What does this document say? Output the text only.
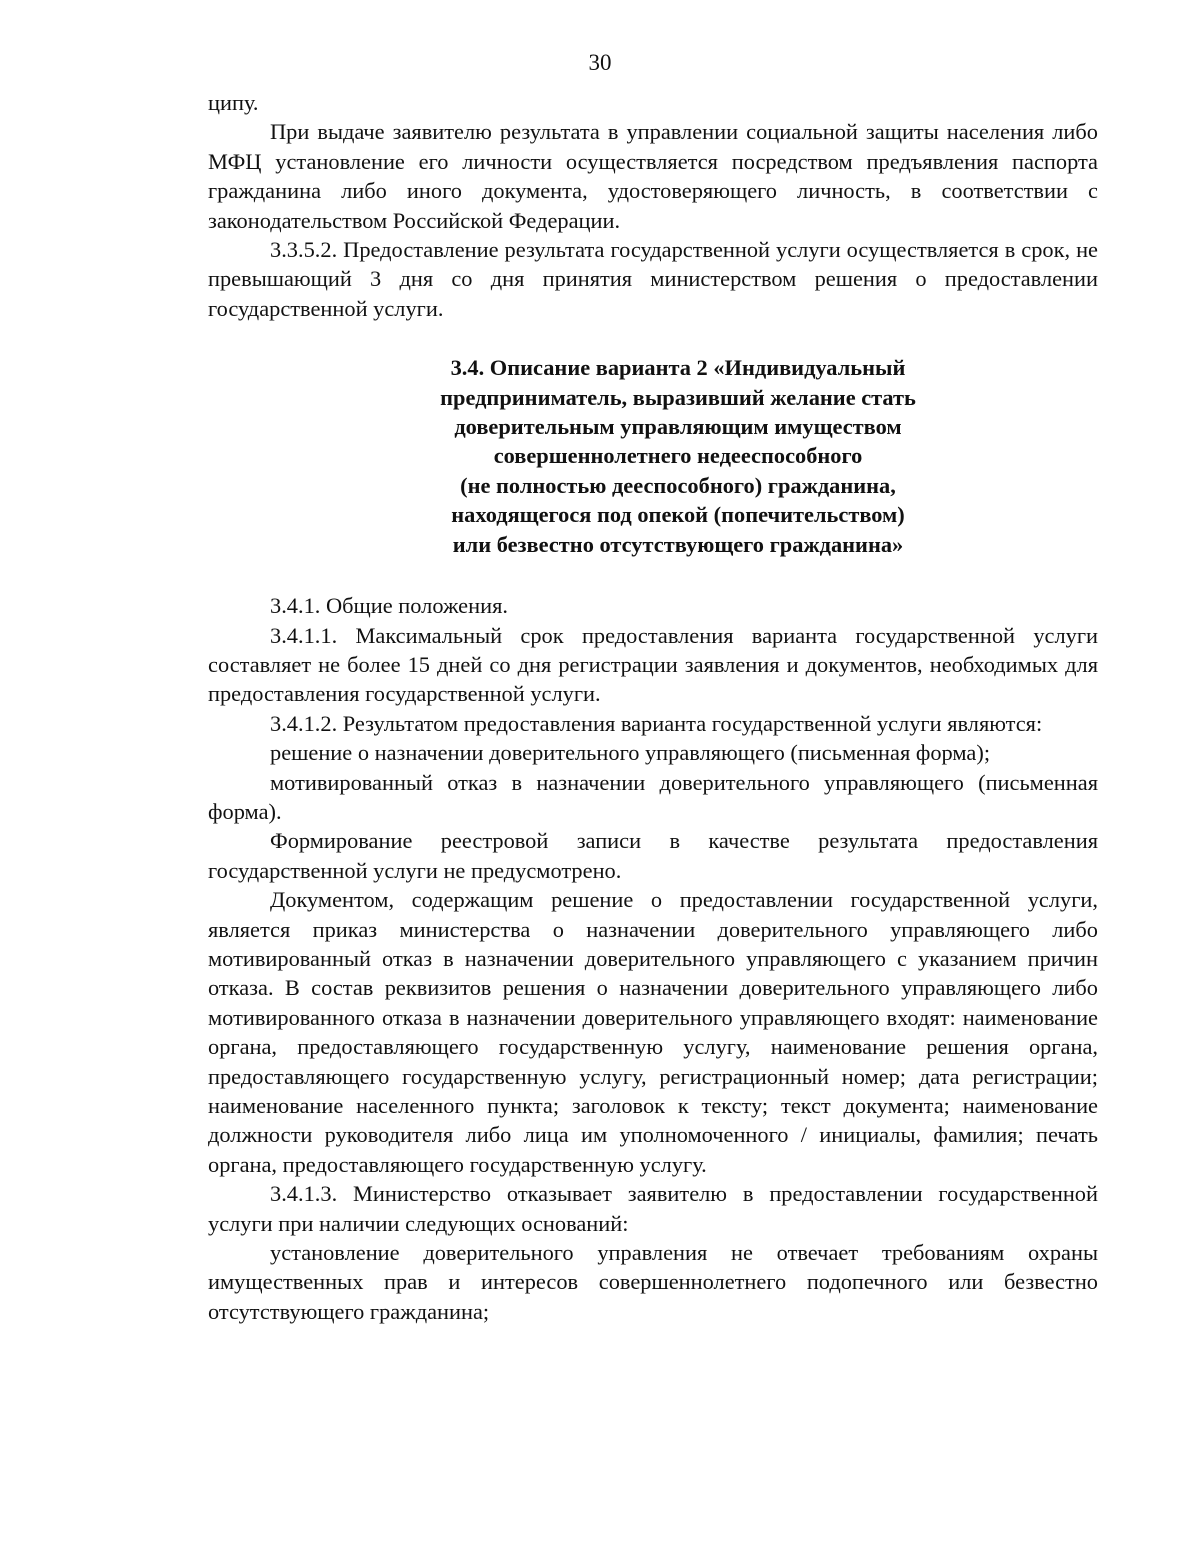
30

ципу.

При выдаче заявителю результата в управлении социальной защиты населения либо МФЦ установление его личности осуществляется посредством предъявления паспорта гражданина либо иного документа, удостоверяющего личность, в соответствии с законодательством Российской Федерации.

3.3.5.2. Предоставление результата государственной услуги осуществляется в срок, не превышающий 3 дня со дня принятия министерством решения о предоставлении государственной услуги.

3.4. Описание варианта 2 «Индивидуальный
предприниматель, выразивший желание стать
доверительным управляющим имуществом
совершеннолетнего недееспособного
(не полностью дееспособного) гражданина,
находящегося под опекой (попечительством)
или безвестно отсутствующего гражданина»

3.4.1. Общие положения.

3.4.1.1. Максимальный срок предоставления варианта государственной услуги составляет не более 15 дней со дня регистрации заявления и документов, необходимых для предоставления государственной услуги.

3.4.1.2. Результатом предоставления варианта государственной услуги являются:

решение о назначении доверительного управляющего (письменная форма);

мотивированный отказ в назначении доверительного управляющего (письменная форма).

Формирование реестровой записи в качестве результата предоставления государственной услуги не предусмотрено.

Документом, содержащим решение о предоставлении государственной услуги, является приказ министерства о назначении доверительного управляющего либо мотивированный отказ в назначении доверительного управляющего с указанием причин отказа. В состав реквизитов решения о назначении доверительного управляющего либо мотивированного отказа в назначении доверительного управляющего входят: наименование органа, предоставляющего государственную услугу, наименование решения органа, предоставляющего государственную услугу, регистрационный номер; дата регистрации; наименование населенного пункта; заголовок к тексту; текст документа; наименование должности руководителя либо лица им уполномоченного / инициалы, фамилия; печать органа, предоставляющего государственную услугу.

3.4.1.3. Министерство отказывает заявителю в предоставлении государственной услуги при наличии следующих оснований:

установление доверительного управления не отвечает требованиям охраны имущественных прав и интересов совершеннолетнего подопечного или безвестно отсутствующего гражданина;
